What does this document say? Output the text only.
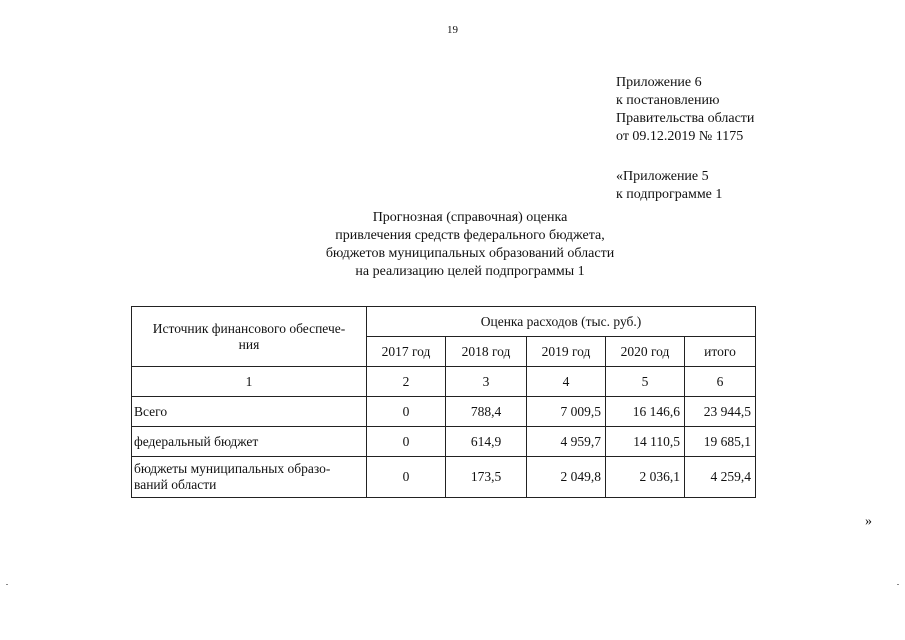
19
Приложение 6
к постановлению
Правительства области
от 09.12.2019 № 1175
«Приложение 5
к подпрограмме 1
Прогнозная (справочная) оценка
привлечения средств федерального бюджета,
бюджетов муниципальных образований области
на реализацию целей подпрограммы 1
Источник финансового обеспече-
ния	Оценка расходов (тыс. руб.)				
	2017 год	2018 год	2019 год	2020 год	итого
1	2	3	4	5	6
Всего	0	788,4	7 009,5	16 146,6	23 944,5
федеральный бюджет	0	614,9	4 959,7	14 110,5	19 685,1

бюджеты муниципальных образо-
ваний области	0	173,5	2 049,8	2 036,1	4 259,4
»
